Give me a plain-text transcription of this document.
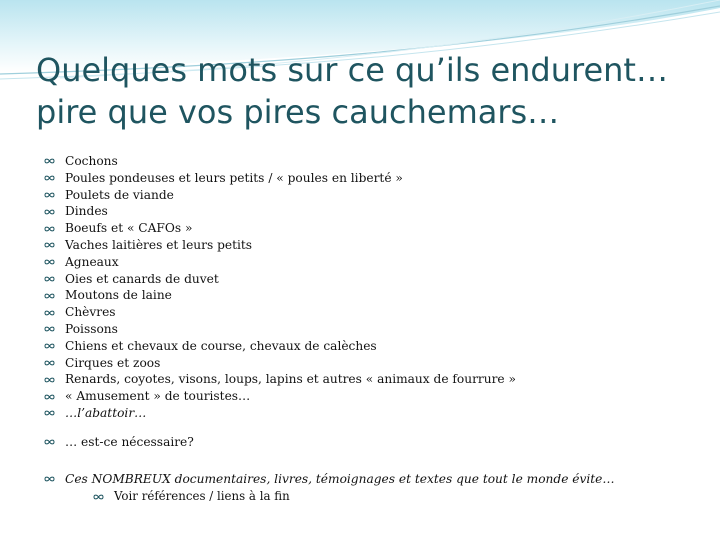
Quelques mots sur ce qu’ils endurent…
pire que vos pires cauchemars…
Cochons
Poules pondeuses et leurs petits / « poules en liberté »
Poulets de viande
Dindes
Boeufs et « CAFOs »
Vaches laitières et leurs petits
Agneaux
Oies et canards de duvet
Moutons de laine
Chèvres
Poissons
Chiens et chevaux de course, chevaux de calèches
Cirques et zoos
Renards, coyotes, visons, loups, lapins et autres « animaux de fourrure »
« Amusement » de touristes…
…l’abattoir…
… est-ce nécessaire?
Ces NOMBREUX documentaires, livres, témoignages et textes que tout le monde évite…
Voir références / liens à la fin
